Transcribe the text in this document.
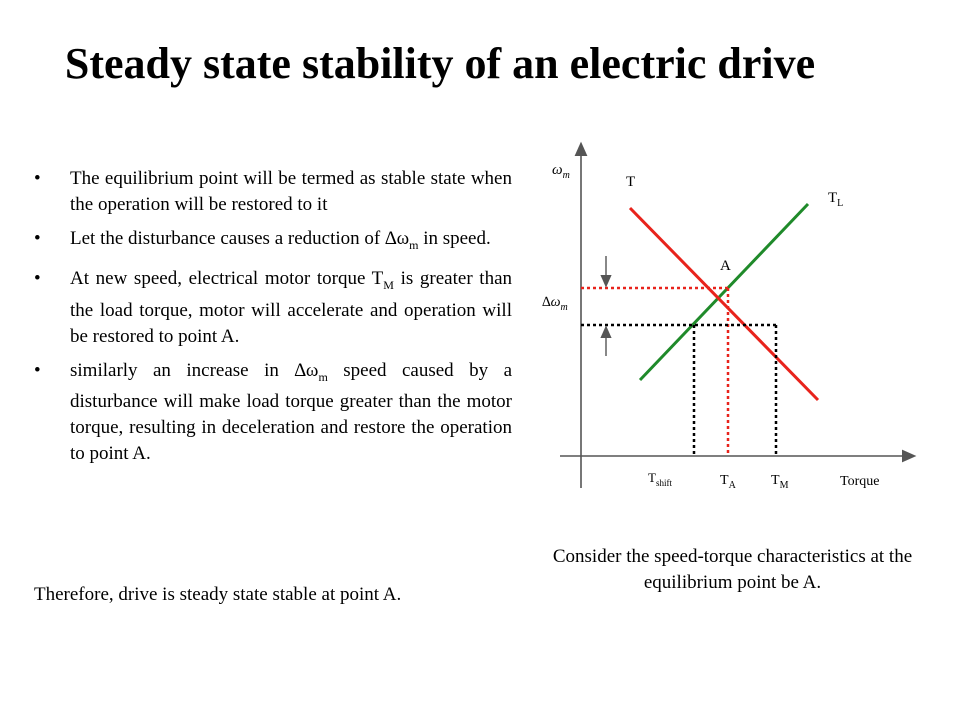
Steady state stability of an electric drive
• The equilibrium point will be termed as stable state when the operation will be restored to it
• Let the disturbance causes a reduction of $\Delta\omega_m$ in speed.
• At new speed, electrical motor torque $T_M$ is greater than the load torque, motor will accelerate and operation will be restored to point A.
• similarly an increase in $\Delta\omega_m$ speed caused by a disturbance will make load torque greater than the motor torque, resulting in deceleration and restore the operation to point A.
Therefore, drive is steady state stable at point A.
$\omega_m$	T
$T_L$
A
$\Delta\omega_m$
$T_{shift}$	$T_A$	$T_M$	Torque
Consider the speed-torque characteristics at the equilibrium point be A.
